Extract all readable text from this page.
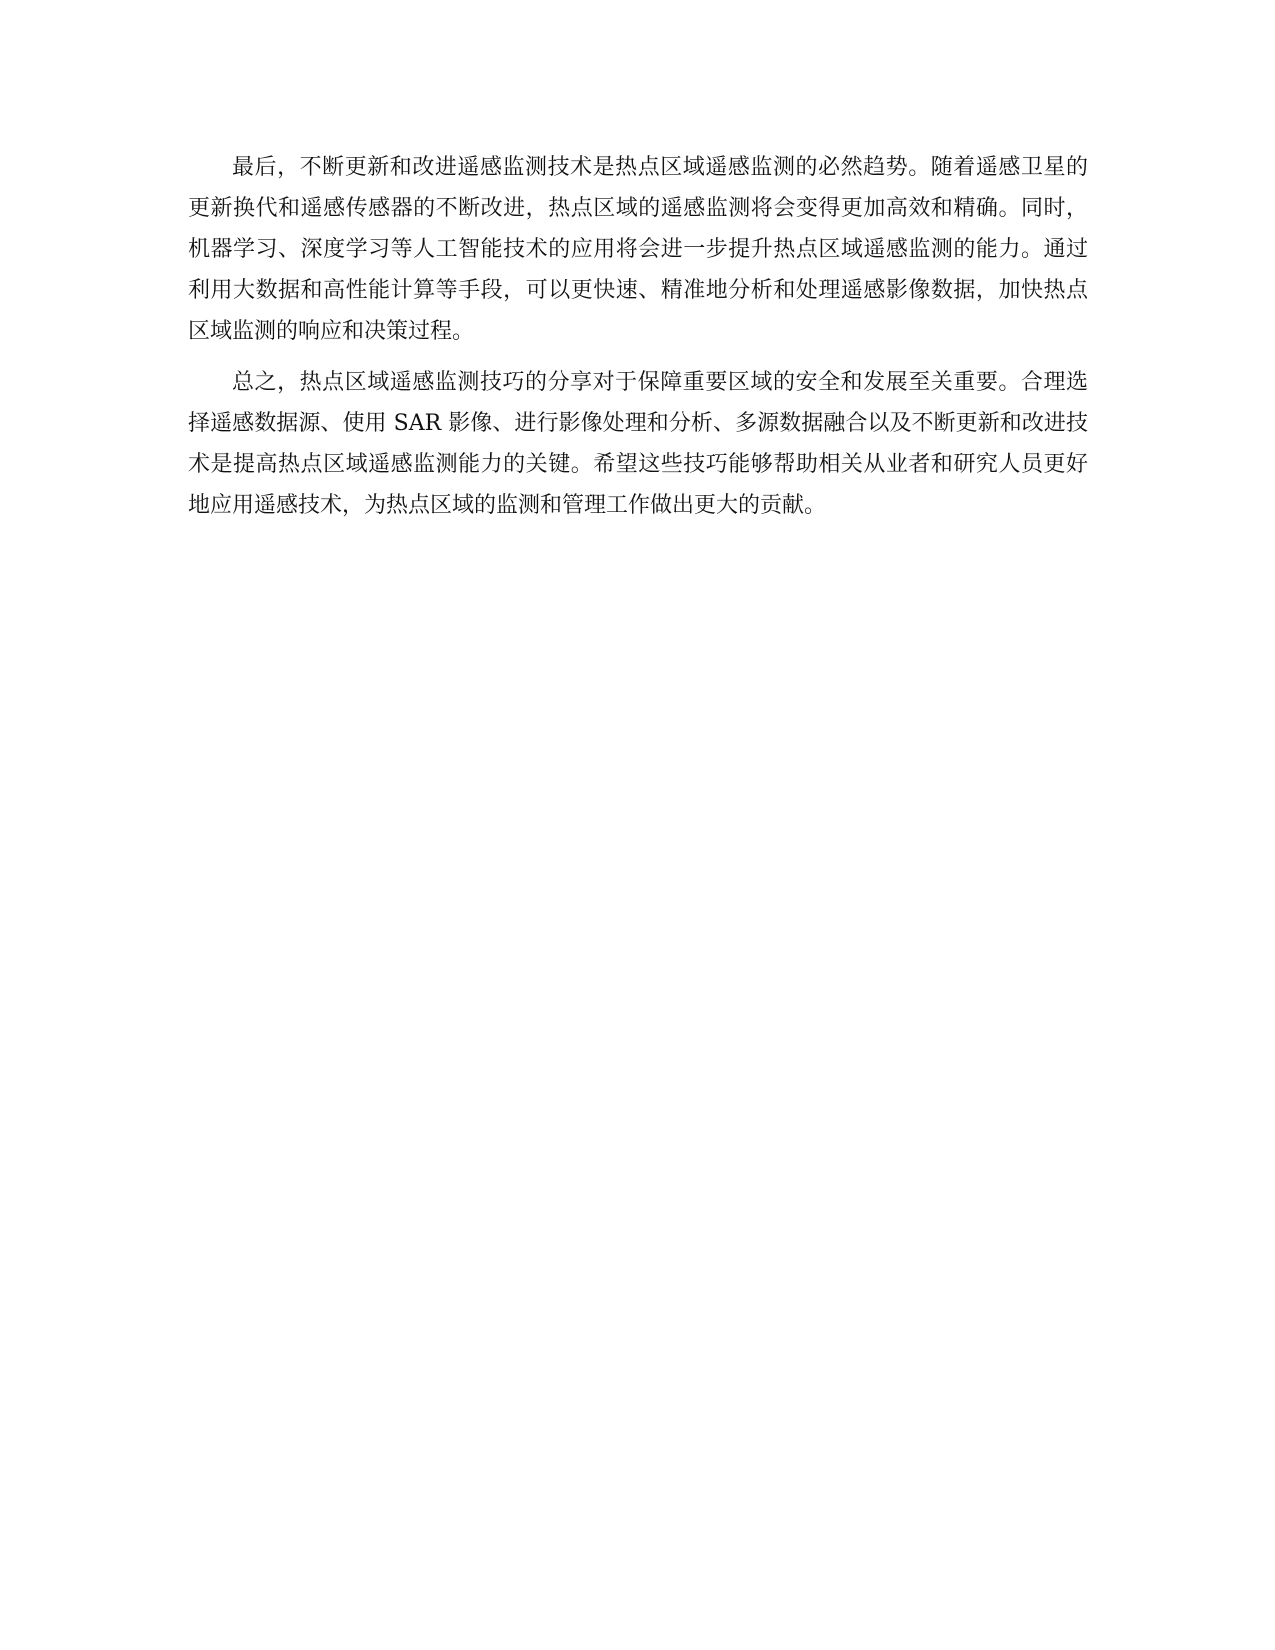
最后，不断更新和改进遥感监测技术是热点区域遥感监测的必然趋势。随着遥感卫星的更新换代和遥感传感器的不断改进，热点区域的遥感监测将会变得更加高效和精确。同时，机器学习、深度学习等人工智能技术的应用将会进一步提升热点区域遥感监测的能力。通过利用大数据和高性能计算等手段，可以更快速、精准地分析和处理遥感影像数据，加快热点区域监测的响应和决策过程。

总之，热点区域遥感监测技巧的分享对于保障重要区域的安全和发展至关重要。合理选择遥感数据源、使用 SAR 影像、进行影像处理和分析、多源数据融合以及不断更新和改进技术是提高热点区域遥感监测能力的关键。希望这些技巧能够帮助相关从业者和研究人员更好地应用遥感技术，为热点区域的监测和管理工作做出更大的贡献。
